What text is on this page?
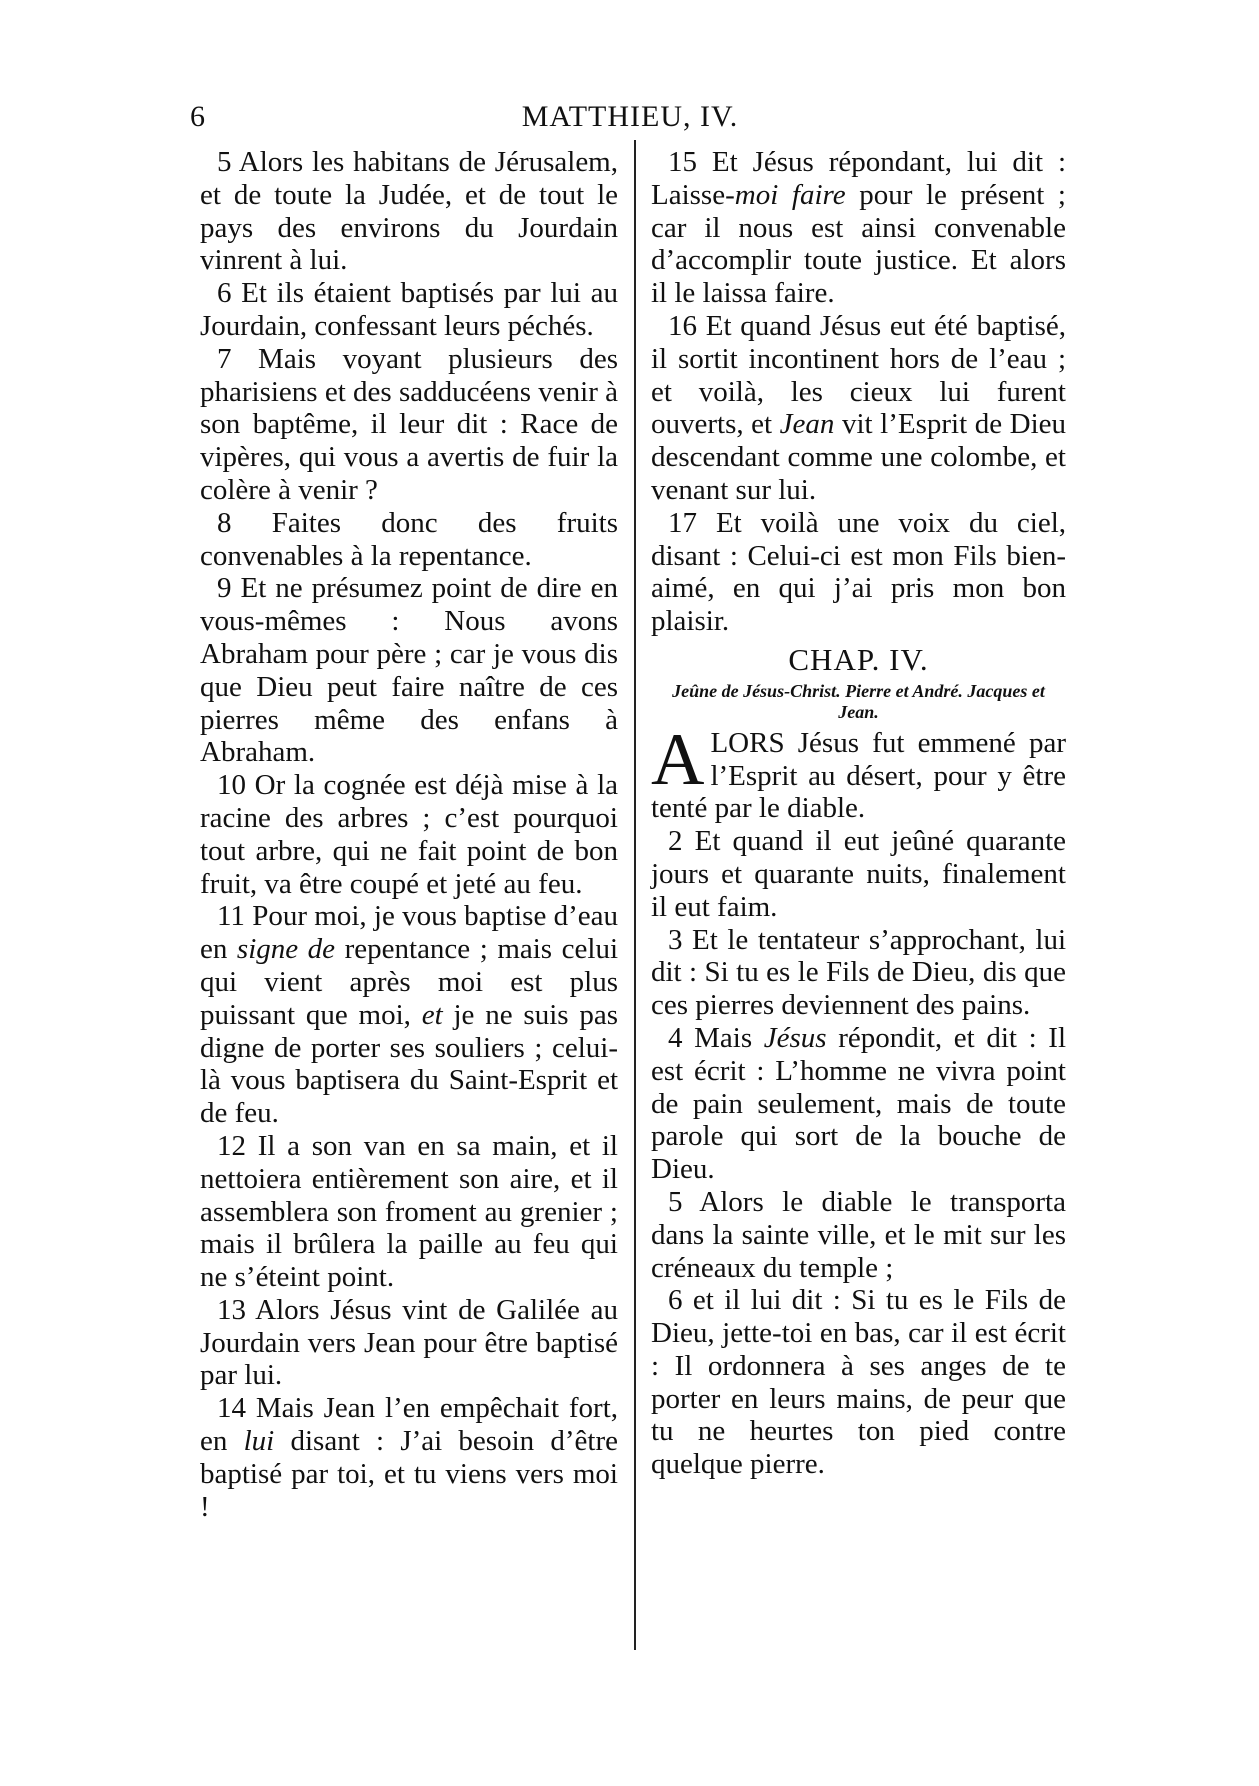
6	MATTHIEU, IV.

5 Alors les habitans de Jérusalem, et de toute la Judée, et de tout le pays des environs du Jourdain vinrent à lui.

6 Et ils étaient baptisés par lui au Jourdain, confessant leurs péchés.

7 Mais voyant plusieurs des pharisiens et des sadducéens venir à son baptême, il leur dit : Race de vipères, qui vous a avertis de fuir la colère à venir ?

8 Faites donc des fruits convenables à la repentance.

9 Et ne présumez point de dire en vous-mêmes : Nous avons Abraham pour père ; car je vous dis que Dieu peut faire naître de ces pierres même des enfans à Abraham.

10 Or la cognée est déjà mise à la racine des arbres ; c’est pourquoi tout arbre, qui ne fait point de bon fruit, va être coupé et jeté au feu.

11 Pour moi, je vous baptise d’eau en signe de repentance ; mais celui qui vient après moi est plus puissant que moi, et je ne suis pas digne de porter ses souliers ; celui-là vous baptisera du Saint-Esprit et de feu.

12 Il a son van en sa main, et il nettoiera entièrement son aire, et il assemblera son froment au grenier ; mais il brûlera la paille au feu qui ne s’éteint point.

13 Alors Jésus vint de Galilée au Jourdain vers Jean pour être baptisé par lui.

14 Mais Jean l’en empêchait fort, en lui disant : J’ai besoin d’être baptisé par toi, et tu viens vers moi !

15 Et Jésus répondant, lui dit : Laisse-moi faire pour le présent ; car il nous est ainsi convenable d’accomplir toute justice. Et alors il le laissa faire.

16 Et quand Jésus eut été baptisé, il sortit incontinent hors de l’eau ; et voilà, les cieux lui furent ouverts, et Jean vit l’Esprit de Dieu descendant comme une colombe, et venant sur lui.

17 Et voilà une voix du ciel, disant : Celui-ci est mon Fils bien-aimé, en qui j’ai pris mon bon plaisir.

CHAP. IV.
Jeûne de Jésus-Christ. Pierre et André. Jacques et Jean.

ALORS Jésus fut emmené par l’Esprit au désert, pour y être tenté par le diable.

2 Et quand il eut jeûné quarante jours et quarante nuits, finalement il eut faim.

3 Et le tentateur s’approchant, lui dit : Si tu es le Fils de Dieu, dis que ces pierres deviennent des pains.

4 Mais Jésus répondit, et dit : Il est écrit : L’homme ne vivra point de pain seulement, mais de toute parole qui sort de la bouche de Dieu.

5 Alors le diable le transporta dans la sainte ville, et le mit sur les créneaux du temple ;

6 et il lui dit : Si tu es le Fils de Dieu, jette-toi en bas, car il est écrit : Il ordonnera à ses anges de te porter en leurs mains, de peur que tu ne heurtes ton pied contre quelque pierre.
